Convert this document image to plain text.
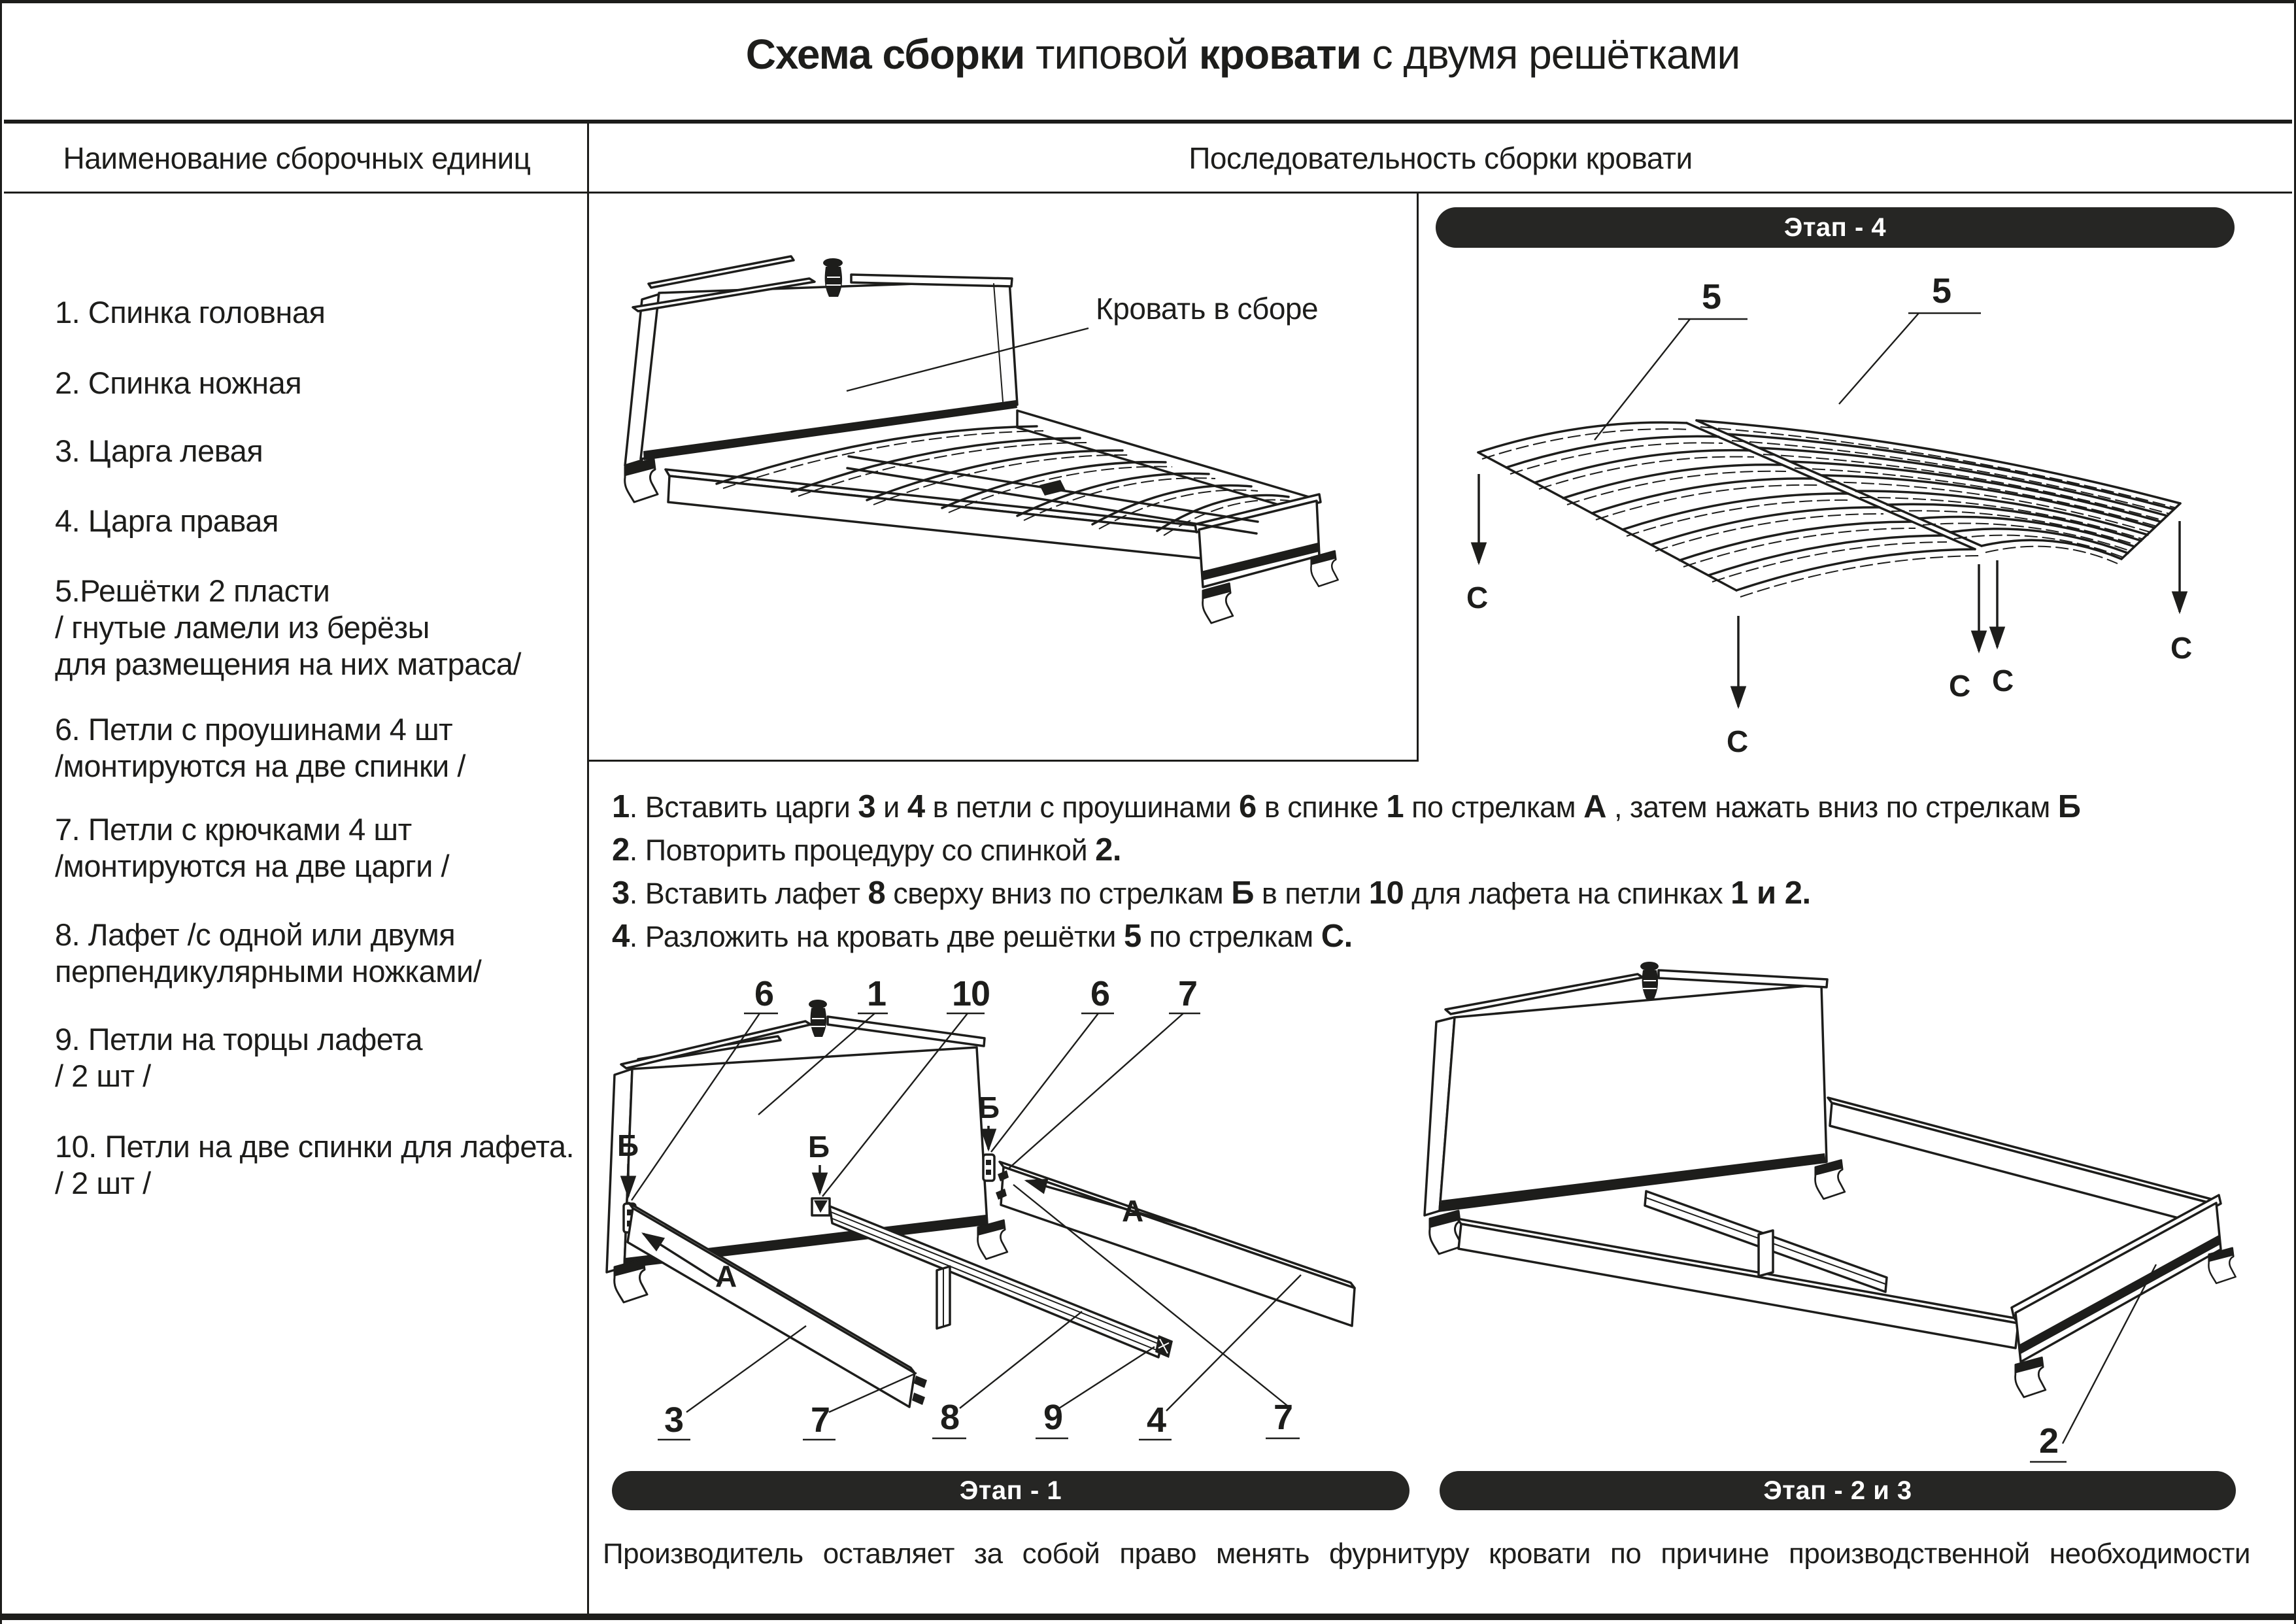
Схема сборки типовой кровати с двумя решётками
Наименование сборочных единиц	Последовательность сборки кровати
1. Спинка головная
2. Спинка ножная
3. Царга левая
4. Царга правая
5.Решётки 2 пласти
/ гнутые ламели из берёзы
для размещения на них матраса/
6. Петли с проушинами 4 шт
/монтируются на две спинки /
7. Петли с крючками 4 шт
/монтируются на две царги /
8. Лафет /с одной или двумя
перпендикулярными ножками/
9. Петли на торцы лафета
/ 2 шт /
10. Петли на две спинки для лафета.
/ 2 шт /
Кровать в сборе	5	5
С
С
С С
С
1. Вставить царги 3 и 4 в петли с проушинами 6 в спинке 1 по стрелкам А , затем нажать вниз по стрелкам Б
2. Повторить процедуру со спинкой 2.
3. Вставить лафет 8 сверху вниз по стрелкам Б в петли 10 для лафета на спинках 1 и 2.
4. Разложить на кровать две решётки 5 по стрелкам С.
А
А
Б	Б
Б
6	1 10	6 7
3	7	8 9 4	7
2
Этап - 4
Этап - 1	Этап - 2 и 3
Производитель оставляет за собой право менять фурнитуру кровати по причине производственной необходимости
